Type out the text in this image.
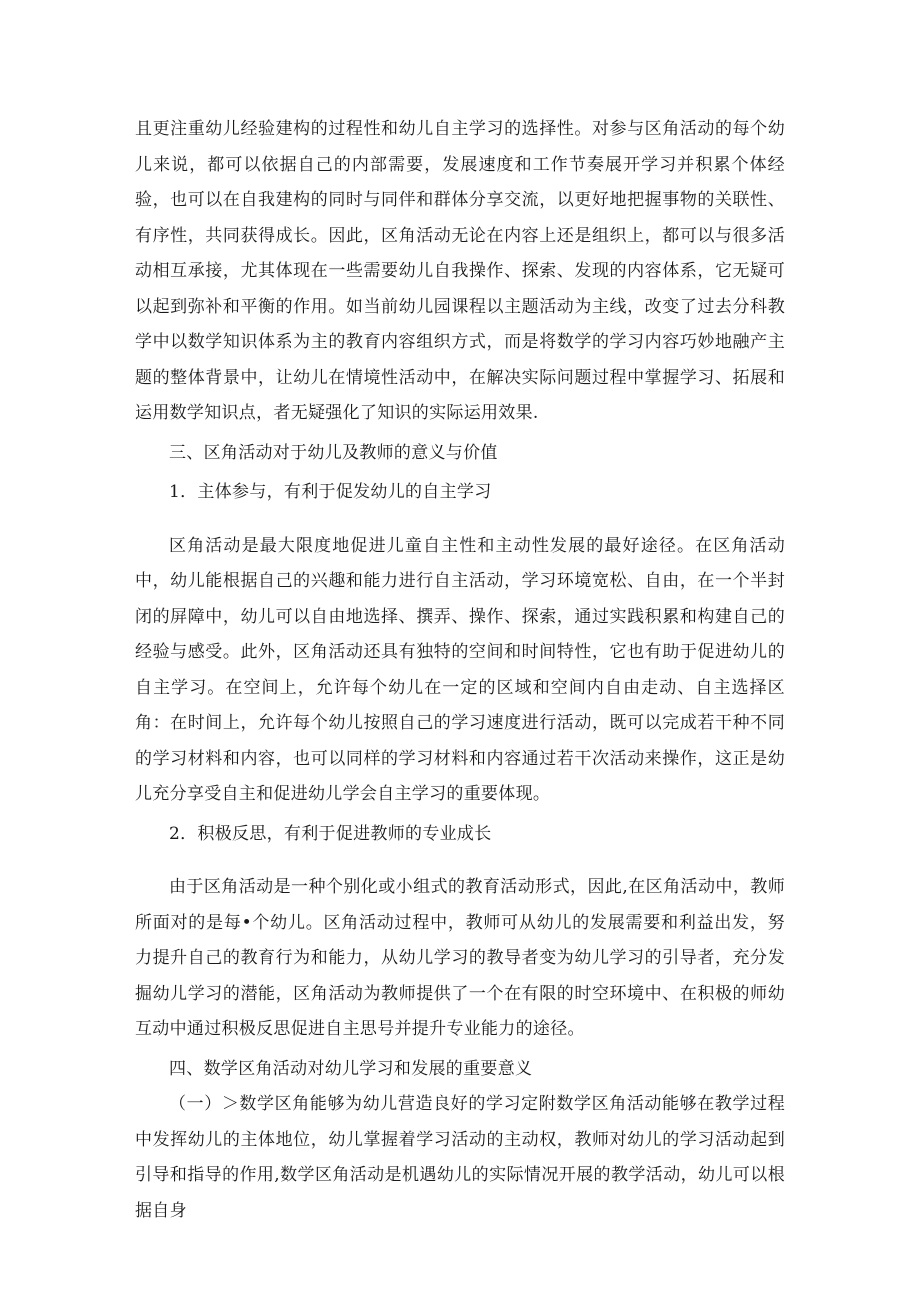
且更注重幼儿经验建构的过程性和幼儿自主学习的选择性。对参与区角活动的每个幼儿来说，都可以依据自己的内部需要，发展速度和工作节奏展开学习并积累个体经验，也可以在自我建构的同时与同伴和群体分享交流，以更好地把握事物的关联性、有序性，共同获得成长。因此，区角活动无论在内容上还是组织上，都可以与很多活动相互承接，尤其体现在一些需要幼儿自我操作、探索、发现的内容体系，它无疑可以起到弥补和平衡的作用。如当前幼儿园课程以主题活动为主线，改变了过去分科教学中以数学知识体系为主的教育内容组织方式，而是将数学的学习内容巧妙地融产主题的整体背景中，让幼儿在情境性活动中，在解决实际问题过程中掌握学习、拓展和运用数学知识点，者无疑强化了知识的实际运用效果.

三、区角活动对于幼儿及教师的意义与价值

1．主体参与，有利于促发幼儿的自主学习

区角活动是最大限度地促进儿童自主性和主动性发展的最好途径。在区角活动中，幼儿能根据自己的兴趣和能力进行自主活动，学习环境宽松、自由，在一个半封闭的屏障中，幼儿可以自由地选择、撰弄、操作、探索，通过实践积累和构建自己的经验与感受。此外，区角活动还具有独特的空间和时间特性，它也有助于促进幼儿的自主学习。在空间上，允许每个幼儿在一定的区域和空间内自由走动、自主选择区角：在时间上，允许每个幼儿按照自己的学习速度进行活动，既可以完成若干种不同的学习材料和内容，也可以同样的学习材料和内容通过若干次活动来操作，这正是幼儿充分享受自主和促进幼儿学会自主学习的重要体现。

2．积极反思，有利于促进教师的专业成长

由于区角活动是一种个别化或小组式的教育活动形式，因此,在区角活动中，教师所面对的是每•个幼儿。区角活动过程中，教师可从幼儿的发展需要和利益出发，努力提升自己的教育行为和能力，从幼儿学习的教导者变为幼儿学习的引导者，充分发掘幼儿学习的潜能，区角活动为教师提供了一个在有限的时空环境中、在积极的师幼互动中通过积极反思促进自主思号并提升专业能力的途径。

四、数学区角活动对幼儿学习和发展的重要意义

（一）＞数学区角能够为幼儿营造良好的学习定附数学区角活动能够在教学过程中发挥幼儿的主体地位，幼儿掌握着学习活动的主动权，教师对幼儿的学习活动起到引导和指导的作用,数学区角活动是机遇幼儿的实际情况开展的教学活动，幼儿可以根据自身
